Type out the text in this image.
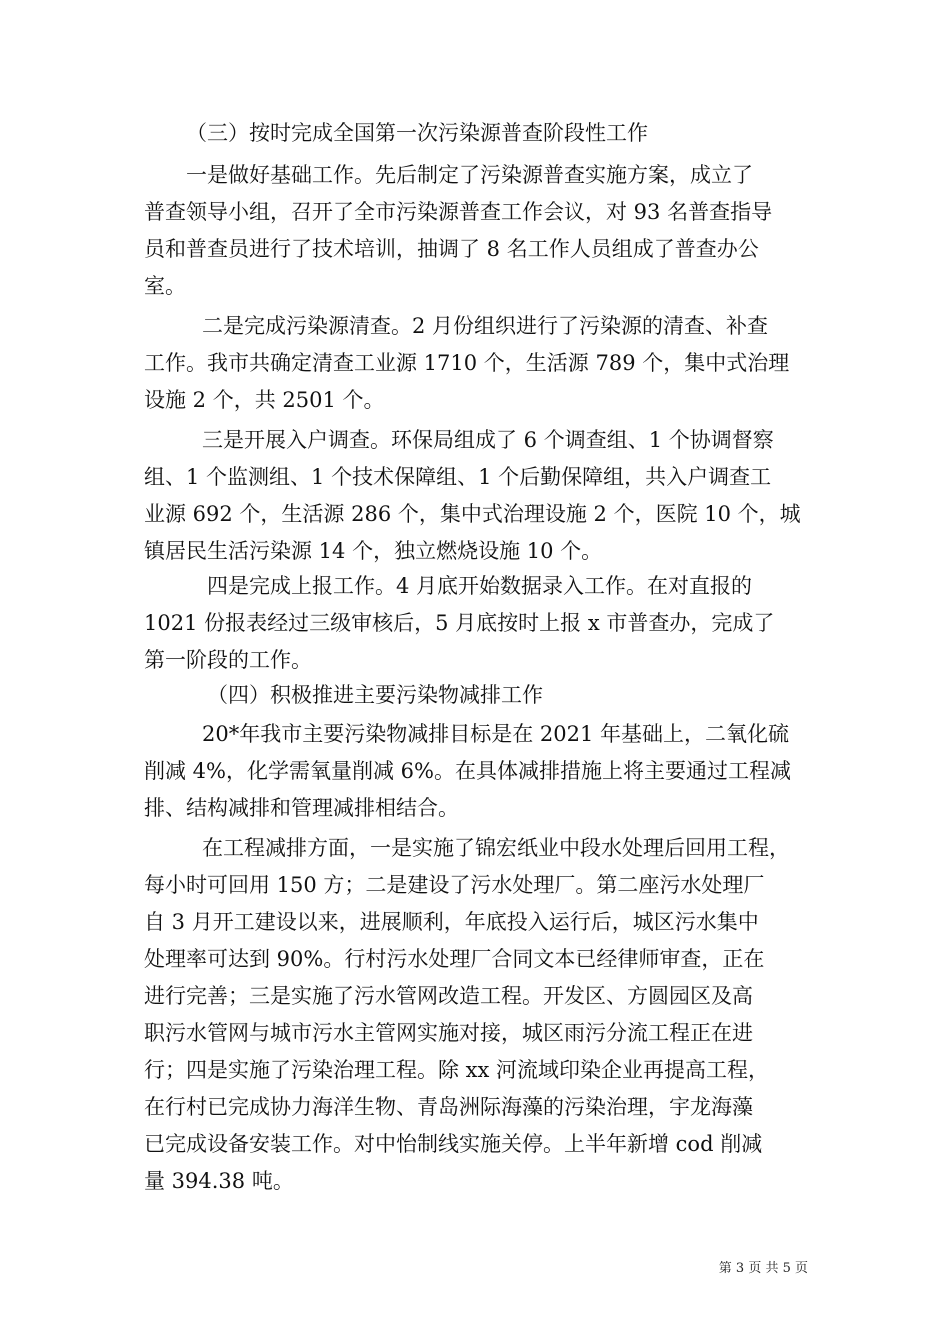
（三）按时完成全国第一次污染源普查阶段性工作
一是做好基础工作。先后制定了污染源普查实施方案，成立了
普查领导小组，召开了全市污染源普查工作会议，对 93 名普查指导
员和普查员进行了技术培训，抽调了 8 名工作人员组成了普查办公
室。
二是完成污染源清查。2 月份组织进行了污染源的清查、补查
工作。我市共确定清查工业源 1710 个，生活源 789 个，集中式治理
设施 2 个，共 2501 个。
三是开展入户调查。环保局组成了 6 个调查组、1 个协调督察
组、1 个监测组、1 个技术保障组、1 个后勤保障组，共入户调查工
业源 692 个，生活源 286 个，集中式治理设施 2 个，医院 10 个，城
镇居民生活污染源 14 个，独立燃烧设施 10 个。
四是完成上报工作。4 月底开始数据录入工作。在对直报的
1021 份报表经过三级审核后，5 月底按时上报 x 市普查办，完成了
第一阶段的工作。
（四）积极推进主要污染物减排工作
20*年我市主要污染物减排目标是在 2021 年基础上，二氧化硫
削减 4%，化学需氧量削减 6%。在具体减排措施上将主要通过工程减
排、结构减排和管理减排相结合。
在工程减排方面，一是实施了锦宏纸业中段水处理后回用工程，
每小时可回用 150 方；二是建设了污水处理厂。第二座污水处理厂
自 3 月开工建设以来，进展顺利，年底投入运行后，城区污水集中
处理率可达到 90%。行村污水处理厂合同文本已经律师审查，正在
进行完善；三是实施了污水管网改造工程。开发区、方圆园区及高
职污水管网与城市污水主管网实施对接，城区雨污分流工程正在进
行；四是实施了污染治理工程。除 xx 河流域印染企业再提高工程，
在行村已完成协力海洋生物、青岛洲际海藻的污染治理，宇龙海藻
已完成设备安装工作。对中怡制线实施关停。上半年新增 cod 削减
量 394.38 吨。
第 3 页 共 5 页
